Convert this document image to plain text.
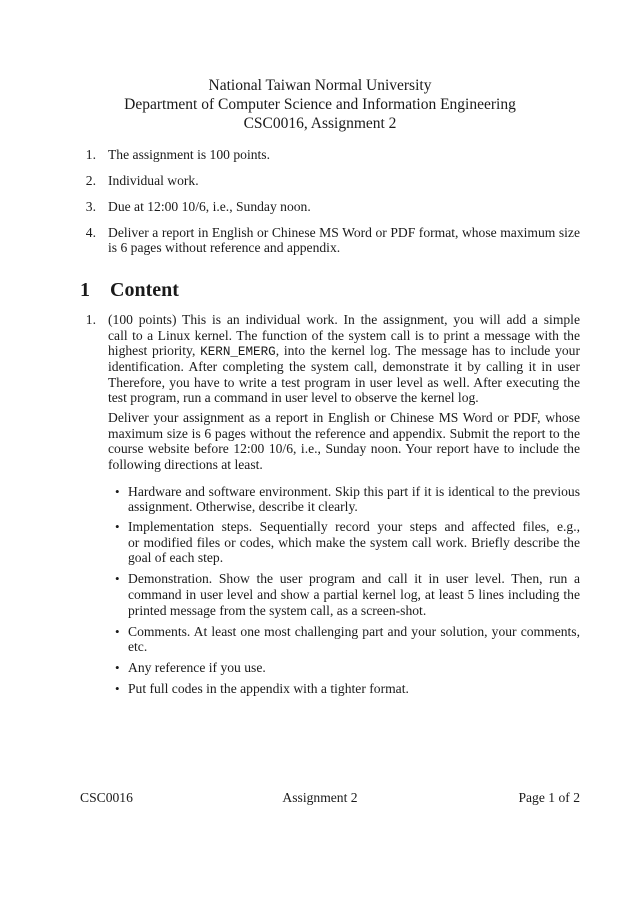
National Taiwan Normal University
Department of Computer Science and Information Engineering
CSC0016, Assignment 2
1. The assignment is 100 points.
2. Individual work.
3. Due at 12:00 10/6, i.e., Sunday noon.
4. Deliver a report in English or Chinese MS Word or PDF format, whose maximum size
is 6 pages without reference and appendix.
1 Content
1. (100 points) This is an individual work. In the assignment, you will add a simple
call to a Linux kernel. The function of the system call is to print a message with the
highest priority, KERN_EMERG, into the kernel log. The message has to include your
identification. After completing the system call, demonstrate it by calling it in user
Therefore, you have to write a test program in user level as well. After executing the
test program, run a command in user level to observe the kernel log.
Deliver your assignment as a report in English or Chinese MS Word or PDF, whose
maximum size is 6 pages without the reference and appendix. Submit the report to the
course website before 12:00 10/6, i.e., Sunday noon. Your report have to include the
following directions at least.
• Hardware and software environment. Skip this part if it is identical to the previous
assignment. Otherwise, describe it clearly.
• Implementation steps. Sequentially record your steps and affected files, e.g.,
or modified files or codes, which make the system call work. Briefly describe the
goal of each step.
• Demonstration. Show the user program and call it in user level. Then, run a
command in user level and show a partial kernel log, at least 5 lines including the
printed message from the system call, as a screen-shot.
• Comments. At least one most challenging part and your solution, your comments,
etc.
• Any reference if you use.
• Put full codes in the appendix with a tighter format.
CSC0016	Assignment 2	Page 1 of 2
